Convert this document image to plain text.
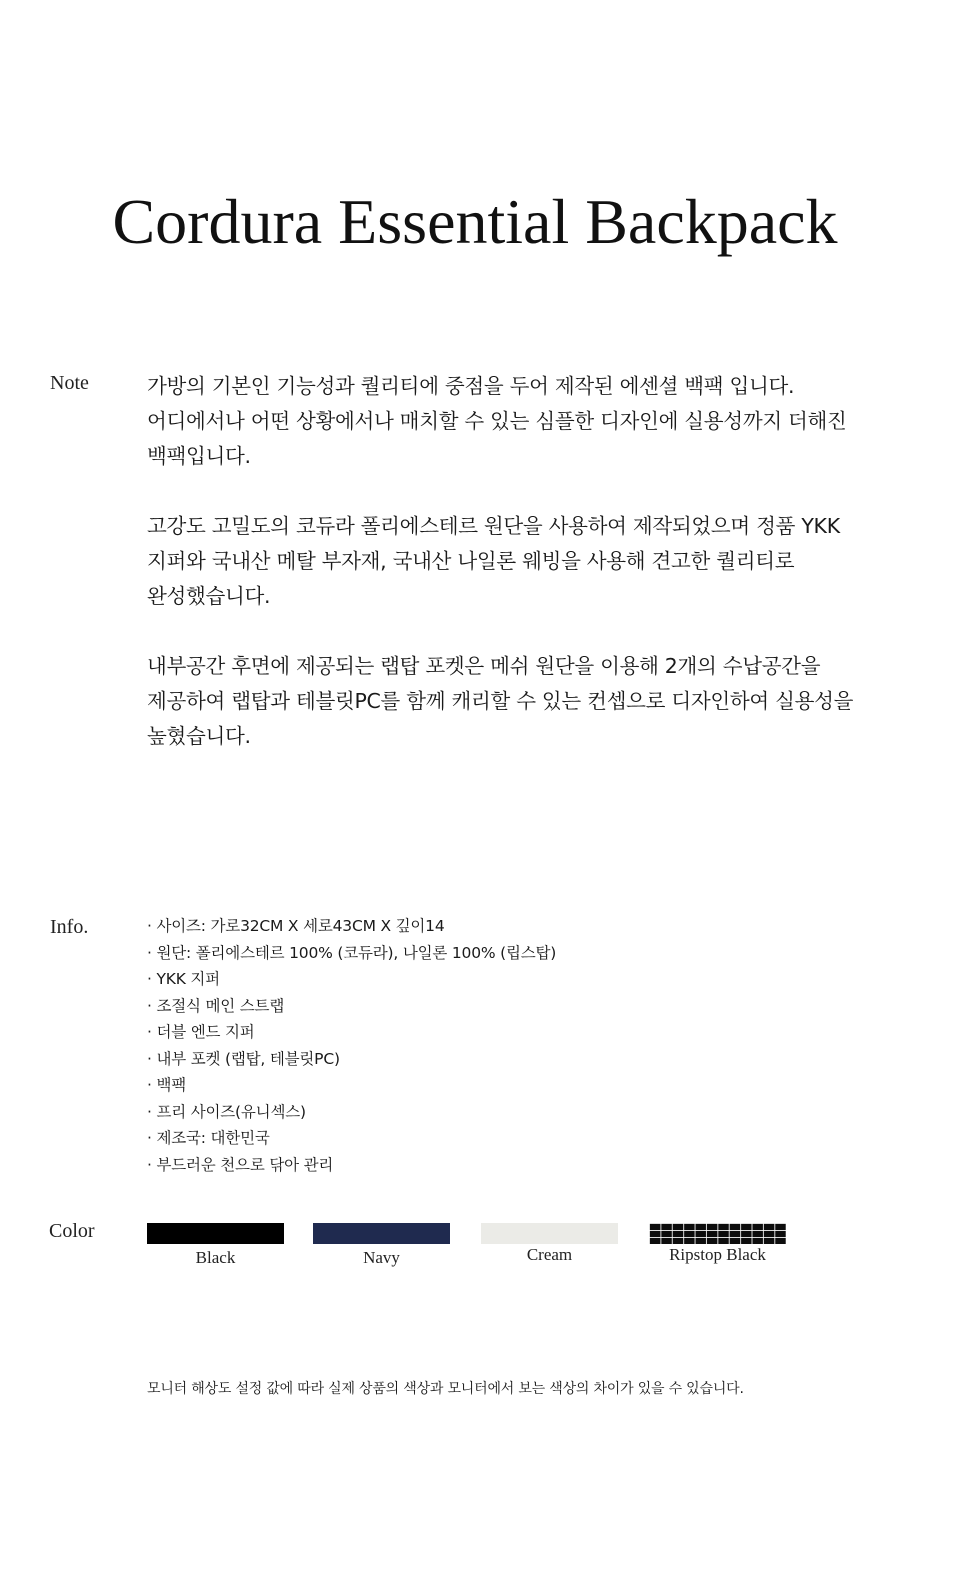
Cordura Essential Backpack
Note	가방의 기본인 기능성과 퀄리티에 중점을 두어 제작된 에센셜 백팩 입니다. 어디에서나 어떤 상황에서나 매치할 수 있는 심플한 디자인에 실용성까지 더해진 백팩입니다.

고강도 고밀도의 코듀라 폴리에스테르 원단을 사용하여 제작되었으며 정품 YKK 지퍼와 국내산 메탈 부자재, 국내산 나일론 웨빙을 사용해 견고한 퀄리티로 완성했습니다.

내부공간 후면에 제공되는 랩탑 포켓은 메쉬 원단을 이용해 2개의 수납공간을 제공하여 랩탑과 테블릿PC를 함께 캐리할 수 있는 컨셉으로 디자인하여 실용성을 높혔습니다.

Info.
·	사이즈: 가로32CM X 세로43CM X 깊이14
· 원단: 폴리에스테르 100% (코듀라), 나일론 100% (립스탑)
· YKK 지퍼
· 조절식 메인 스트랩
· 더블 엔드 지퍼
· 내부 포켓 (랩탑, 테블릿PC)
· 백팩
· 프리 사이즈(유니섹스)
· 제조국: 대한민국
· 부드러운 천으로 닦아 관리
Color
Black	Navy	Cream	Ripstop Black
모니터 해상도 설정 값에 따라 실제 상품의 색상과 모니터에서 보는 색상의 차이가 있을 수 있습니다.
